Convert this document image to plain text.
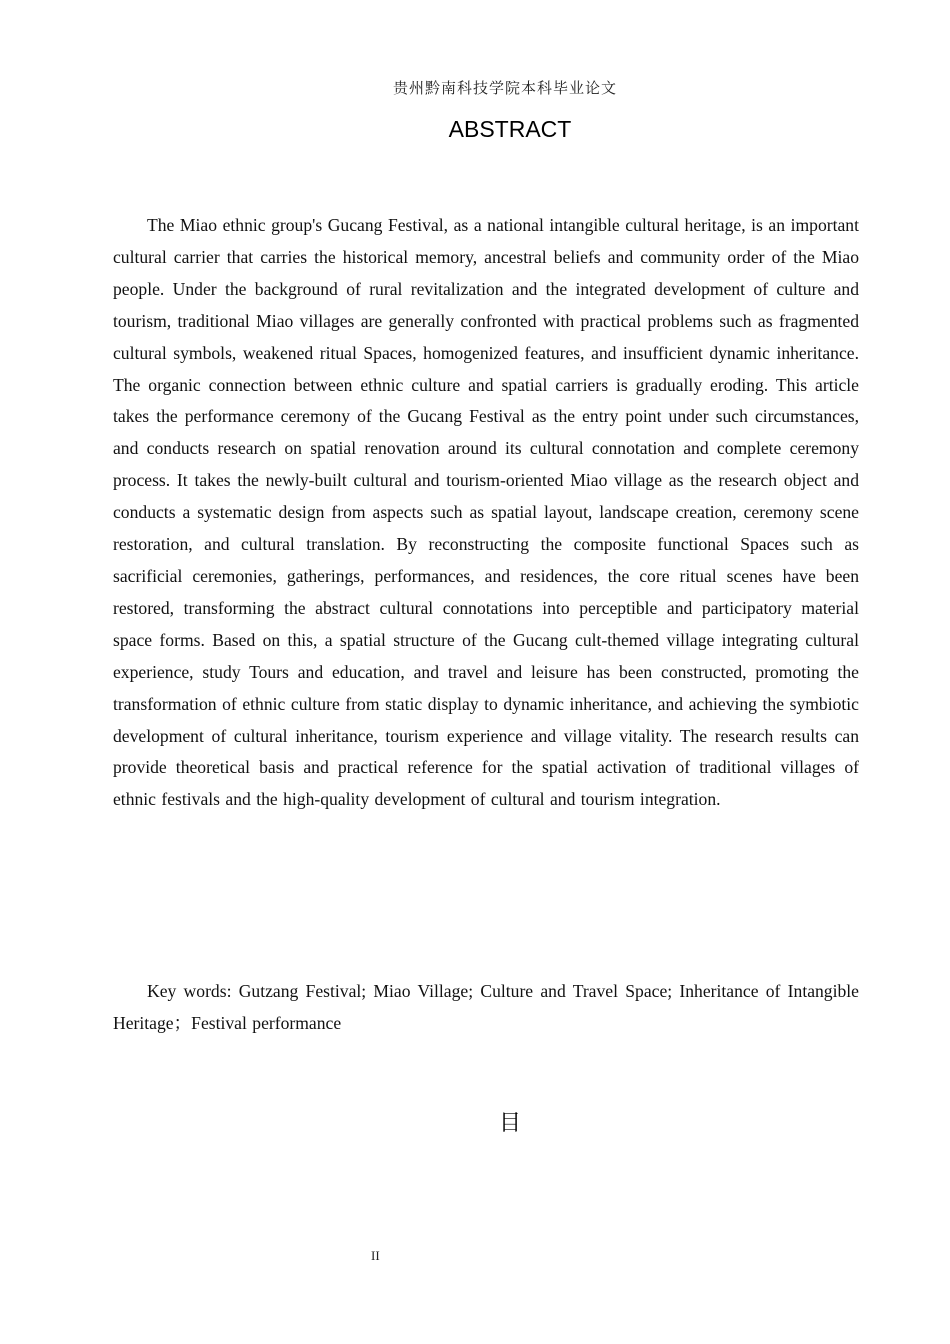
贵州黔南科技学院本科毕业论文
ABSTRACT

The Miao ethnic group's Gucang Festival, as a national intangible cultural heritage, is an important cultural carrier that carries the historical memory, ancestral beliefs and community order of the Miao people. Under the background of rural revitalization and the integrated development of culture and tourism, traditional Miao villages are generally confronted with practical problems such as fragmented cultural symbols, weakened ritual Spaces, homogenized features, and insufficient dynamic inheritance. The organic connection between ethnic culture and spatial carriers is gradually eroding. This article takes the performance ceremony of the Gucang Festival as the entry point under such circumstances, and conducts research on spatial renovation around its cultural connotation and complete ceremony process. It takes the newly-built cultural and tourism-oriented Miao village as the research object and conducts a systematic design from aspects such as spatial layout, landscape creation, ceremony scene restoration, and cultural translation. By reconstructing the composite functional Spaces such as sacrificial ceremonies, gatherings, performances, and residences, the core ritual scenes have been restored, transforming the abstract cultural connotations into perceptible and participatory material space forms. Based on this, a spatial structure of the Gucang cult-themed village integrating cultural experience, study Tours and education, and travel and leisure has been constructed, promoting the transformation of ethnic culture from static display to dynamic inheritance, and achieving the symbiotic development of cultural inheritance, tourism experience and village vitality. The research results can provide theoretical basis and practical reference for the spatial activation of traditional villages of ethnic festivals and the high-quality development of cultural and tourism integration.

Key words: Gutzang Festival; Miao Village; Culture and Travel Space; Inheritance of Intangible Heritage；Festival performance

目
II
